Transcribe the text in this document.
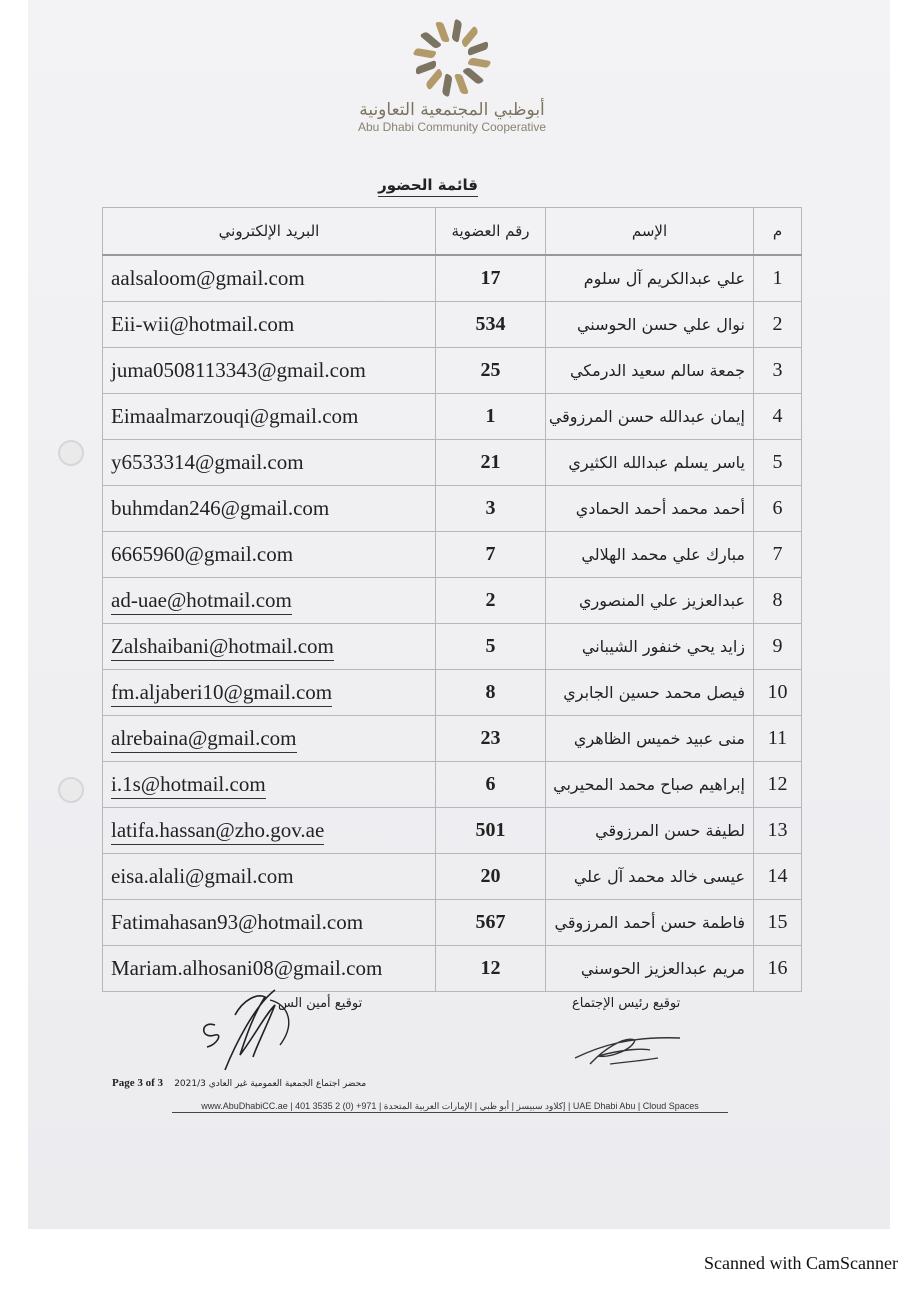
أبوظبي المجتمعية التعاونية
Abu Dhabi Community Cooperative
قائمة الحضور
البريد الإلكتروني	رقم العضوية	الإسم	م
aalsaloom@gmail.com	17	علي عبدالكريم آل سلوم	1
Eii-wii@hotmail.com	534	نوال علي حسن الحوسني	2
juma0508113343@gmail.com	25	جمعة سالم سعيد الدرمكي	3
Eimaalmarzouqi@gmail.com	1	إيمان عبدالله حسن المرزوقي	4
y6533314@gmail.com	21	ياسر يسلم عبدالله الكثيري	5
buhmdan246@gmail.com	3	أحمد محمد أحمد الحمادي	6
6665960@gmail.com	7	مبارك علي محمد الهلالي	7
ad-uae@hotmail.com	2	عبدالعزيز علي المنصوري	8
Zalshaibani@hotmail.com	5	زايد يحي خنفور الشيباني	9
fm.aljaberi10@gmail.com	8	فيصل محمد حسين الجابري	10
alrebaina@gmail.com	23	منى عبيد خميس الظاهري	11
i.1s@hotmail.com	6	إبراهيم صباح محمد المحيربي	12
latifa.hassan@zho.gov.ae	501	لطيفة حسن المرزوقي	13
eisa.alali@gmail.com	20	عيسى خالد محمد آل علي	14
Fatimahasan93@hotmail.com	567	فاطمة حسن أحمد المرزوقي	15
Mariam.alhosani08@gmail.com	12	مريم عبدالعزيز الحوسني	16
توقيع أمين الس	توقيع رئيس الإجتماع
Page 3 of 3 محضر اجتماع الجمعية العمومية غير العادي 2021/3
UAE Dhabi Abu | Cloud Spaces | إكلاود سبيسز | أبو ظبي | الإمارات العربية المتحدة | www.AbuDhabiCC.ae | 401 3535 2 (0) +971
Scanned with CamScanner
